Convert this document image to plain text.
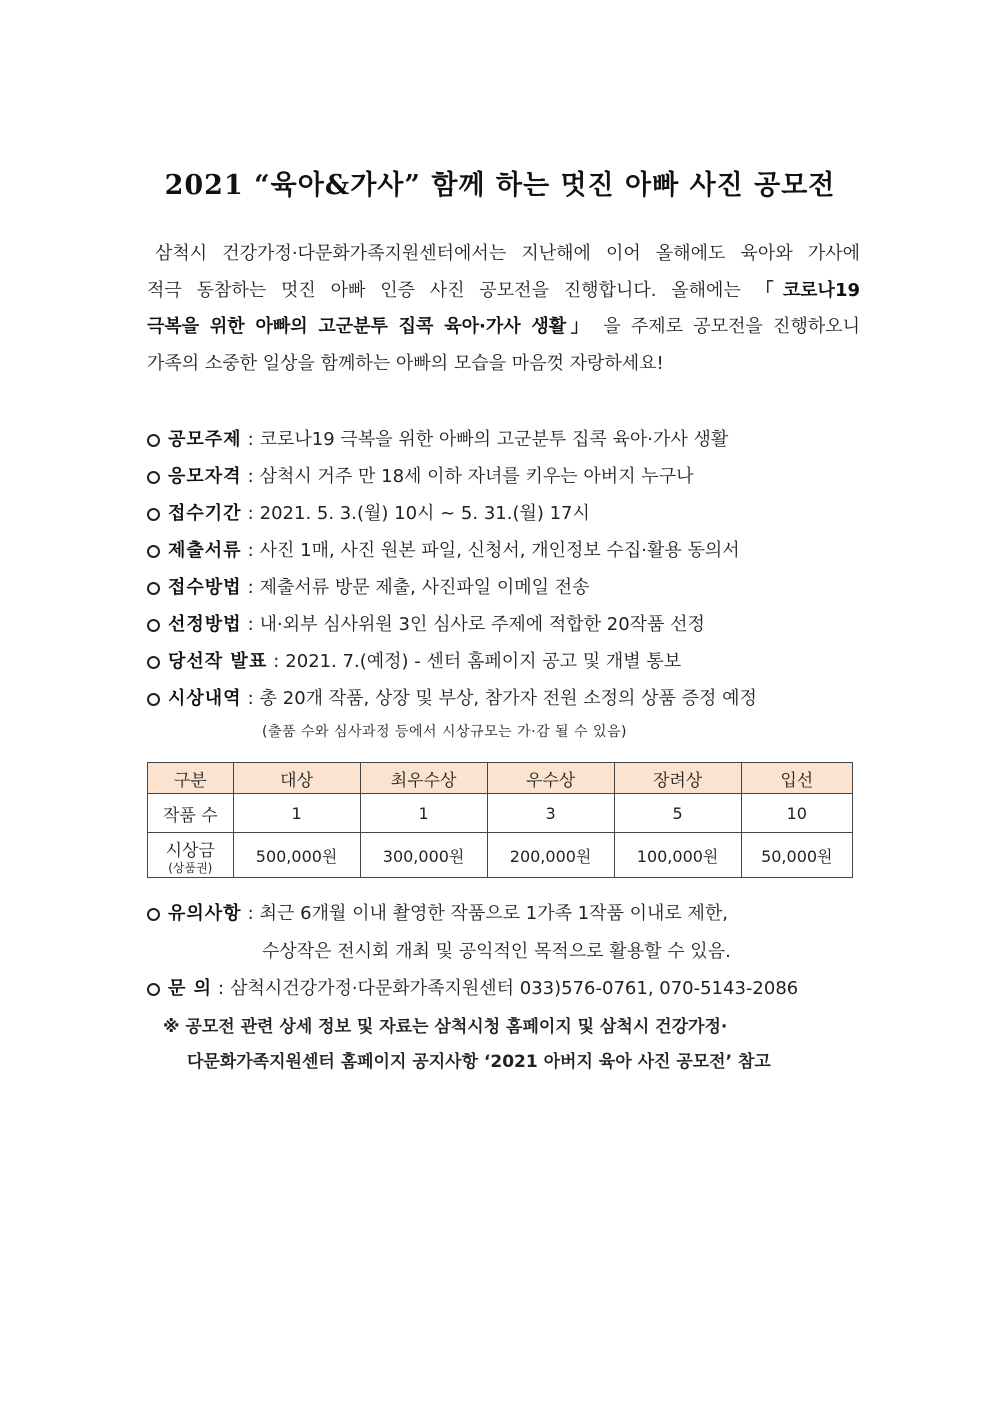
2021 “육아&가사” 함께 하는 멋진 아빠 사진 공모전
삼척시 건강가정·다문화가족지원센터에서는 지난해에 이어 올해에도 육아와 가사에
적극 동참하는 멋진 아빠 인증 사진 공모전을 진행합니다. 올해에는 「코로나19
극복을 위한 아빠의 고군분투 집콕 육아·가사 생활」 을 주제로 공모전을 진행하오니
가족의 소중한 일상을 함께하는 아빠의 모습을 마음껏 자랑하세요!
공모주제 : 코로나19 극복을 위한 아빠의 고군분투 집콕 육아·가사 생활
응모자격 : 삼척시 거주 만 18세 이하 자녀를 키우는 아버지 누구나
접수기간 : 2021. 5. 3.(월) 10시 ~ 5. 31.(월) 17시
제출서류 : 사진 1매, 사진 원본 파일, 신청서, 개인정보 수집·활용 동의서
접수방법 : 제출서류 방문 제출, 사진파일 이메일 전송
선정방법 : 내·외부 심사위원 3인 심사로 주제에 적합한 20작품 선정
당선작 발표 : 2021. 7.(예정) - 센터 홈페이지 공고 및 개별 통보
시상내역 : 총 20개 작품, 상장 및 부상, 참가자 전원 소정의 상품 증정 예정
(출품 수와 심사과정 등에서 시상규모는 가·감 될 수 있음)
구분	대상	최우수상	우수상	장려상	입선
작품 수	1	1	3	5	10
시상금
(상품권)	500,000원	300,000원	200,000원	100,000원	50,000원
유의사항 : 최근 6개월 이내 촬영한 작품으로 1가족 1작품 이내로 제한,
수상작은 전시회 개최 및 공익적인 목적으로 활용할 수 있음.
문 의 : 삼척시건강가정·다문화가족지원센터 033)576-0761, 070-5143-2086
※ 공모전 관련 상세 정보 및 자료는 삼척시청 홈페이지 및 삼척시 건강가정·
다문화가족지원센터 홈페이지 공지사항 ‘2021 아버지 육아 사진 공모전’ 참고
